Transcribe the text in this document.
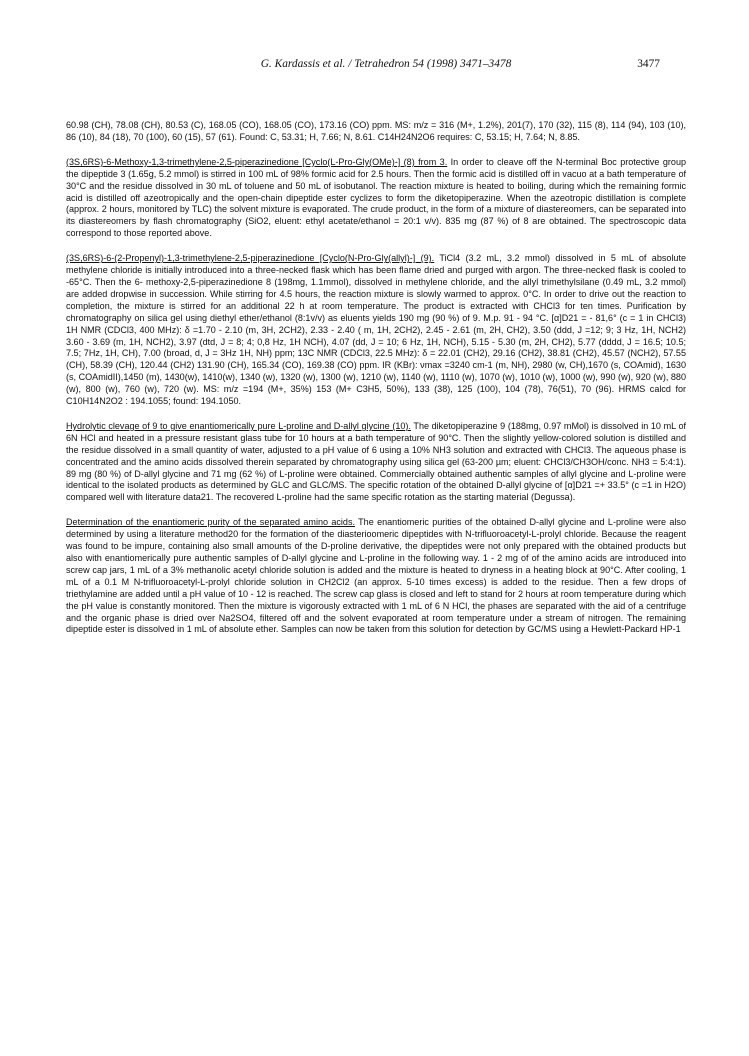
G. Kardassis et al. / Tetrahedron 54 (1998) 3471–3478	3477

60.98 (CH), 78.08 (CH), 80.53 (C), 168.05 (CO), 168.05 (CO), 173.16 (CO) ppm. MS: m/z = 316 (M+, 1.2%), 201(7), 170 (32), 115 (8), 114 (94), 103 (10), 86 (10), 84 (18), 70 (100), 60 (15), 57 (61). Found: C, 53.31; H, 7.66; N, 8.61. C14H24N2O6 requires: C, 53.15; H, 7.64; N, 8.85.

(3S,6RS)-6-Methoxy-1,3-trimethylene-2,5-piperazinedione [Cyclo(L-Pro-Gly(OMe)-] (8) from 3. In order to cleave off the N-terminal Boc protective group the dipeptide 3 (1.65g, 5.2 mmol) is stirred in 100 mL of 98% formic acid for 2.5 hours. Then the formic acid is distilled off in vacuo at a bath temperature of 30°C and the residue dissolved in 30 mL of toluene and 50 mL of isobutanol. The reaction mixture is heated to boiling, during which the remaining formic acid is distilled off azeotropically and the open-chain dipeptide ester cyclizes to form the diketopiperazine. When the azeotropic distillation is complete (approx. 2 hours, monitored by TLC) the solvent mixture is evaporated. The crude product, in the form of a mixture of diastereomers, can be separated into its diastereomers by flash chromatography (SiO2, eluent: ethyl acetate/ethanol = 20:1 v/v). 835 mg (87 %) of 8 are obtained. The spectroscopic data correspond to those reported above.

(3S,6RS)-6-(2-Propenyl)-1,3-trimethylene-2,5-piperazinedione [Cyclo(N-Pro-Gly(allyl)-] (9). TiCl4 (3.2 mL, 3.2 mmol) dissolved in 5 mL of absolute methylene chloride is initially introduced into a three-necked flask which has been flame dried and purged with argon. The three-necked flask is cooled to -65°C. Then the 6- methoxy-2,5-piperazinedione 8 (198mg, 1.1mmol), dissolved in methylene chloride, and the allyl trimethylsilane (0.49 mL, 3.2 mmol) are added dropwise in succession. While stirring for 4.5 hours, the reaction mixture is slowly warmed to approx. 0°C. In order to drive out the reaction to completion, the mixture is stirred for an additional 22 h at room temperature. The product is extracted with CHCl3 for ten times. Purification by chromatography on silica gel using diethyl ether/ethanol (8:1v/v) as eluents yields 190 mg (90 %) of 9. M.p. 91 - 94 °C. [α]D21 = - 81,6° (c = 1 in CHCl3) 1H NMR (CDCl3, 400 MHz): δ =1.70 - 2.10 (m, 3H, 2CH2), 2.33 - 2.40 ( m, 1H, 2CH2), 2.45 - 2.61 (m, 2H, CH2), 3.50 (ddd, J =12; 9; 3 Hz, 1H, NCH2) 3.60 - 3.69 (m, 1H, NCH2), 3.97 (dtd, J = 8; 4; 0,8 Hz, 1H NCH), 4.07 (dd, J = 10; 6 Hz, 1H, NCH), 5.15 - 5.30 (m, 2H, CH2), 5.77 (dddd, J = 16.5; 10.5; 7.5; 7Hz, 1H, CH), 7.00 (broad, d, J = 3Hz 1H, NH) ppm; 13C NMR (CDCl3, 22.5 MHz): δ = 22.01 (CH2), 29.16 (CH2), 38.81 (CH2), 45.57 (NCH2), 57.55 (CH), 58.39 (CH), 120.44 (CH2) 131.90 (CH), 165.34 (CO), 169.38 (CO) ppm. IR (KBr): νmax =3240 cm-1 (m, NH), 2980 (w, CH),1670 (s, COAmid), 1630 (s, COAmidII),1450 (m), 1430(w), 1410(w), 1340 (w), 1320 (w), 1300 (w), 1210 (w), 1140 (w), 1110 (w), 1070 (w), 1010 (w), 1000 (w), 990 (w), 920 (w), 880 (w), 800 (w), 760 (w), 720 (w). MS: m/z =194 (M+, 35%) 153 (M+ C3H5, 50%), 133 (38), 125 (100), 104 (78), 76(51), 70 (96). HRMS calcd for C10H14N2O2 : 194.1055; found: 194.1050.

Hydrolytic clevage of 9 to give enantiomerically pure L-proline and D-allyl glycine (10). The diketopiperazine 9 (188mg, 0.97 mMol) is dissolved in 10 mL of 6N HCl and heated in a pressure resistant glass tube for 10 hours at a bath temperature of 90°C. Then the slightly yellow-colored solution is distilled and the residue dissolved in a small quantity of water, adjusted to a pH value of 6 using a 10% NH3 solution and extracted with CHCl3. The aqueous phase is concentrated and the amino acids dissolved therein separated by chromatography using silica gel (63-200 µm; eluent: CHCl3/CH3OH/conc. NH3 = 5:4:1). 89 mg (80 %) of D-allyl glycine and 71 mg (62 %) of L-proline were obtained. Commercially obtained authentic samples of allyl glycine and L-proline were identical to the isolated products as determined by GLC and GLC/MS. The specific rotation of the obtained D-allyl glycine of [α]D21 =+ 33.5° (c =1 in H2O) compared well with literature data21. The recovered L-proline had the same specific rotation as the starting material (Degussa).

Determination of the enantiomeric purity of the separated amino acids. The enantiomeric purities of the obtained D-allyl glycine and L-proline were also determined by using a literature method20 for the formation of the diasterioomeric dipeptides with N-trifluoroacetyl-L-prolyl chloride. Because the reagent was found to be impure, containing also small amounts of the D-proline derivative, the dipeptides were not only prepared with the obtained products but also with enantiomerically pure authentic samples of D-allyl glycine and L-proline in the following way. 1 - 2 mg of of the amino acids are introduced into screw cap jars, 1 mL of a 3% methanolic acetyl chloride solution is added and the mixture is heated to dryness in a heating block at 90°C. After cooling, 1 mL of a 0.1 M N-trifluoroacetyl-L-prolyl chloride solution in CH2Cl2 (an approx. 5-10 times excess) is added to the residue. Then a few drops of triethylamine are added until a pH value of 10 - 12 is reached. The screw cap glass is closed and left to stand for 2 hours at room temperature during which the pH value is constantly monitored. Then the mixture is vigorously extracted with 1 mL of 6 N HCl, the phases are separated with the aid of a centrifuge and the organic phase is dried over Na2SO4, filtered off and the solvent evaporated at room temperature under a stream of nitrogen. The remaining dipeptide ester is dissolved in 1 mL of absolute ether. Samples can now be taken from this solution for detection by GC/MS using a Hewlett-Packard HP-1
